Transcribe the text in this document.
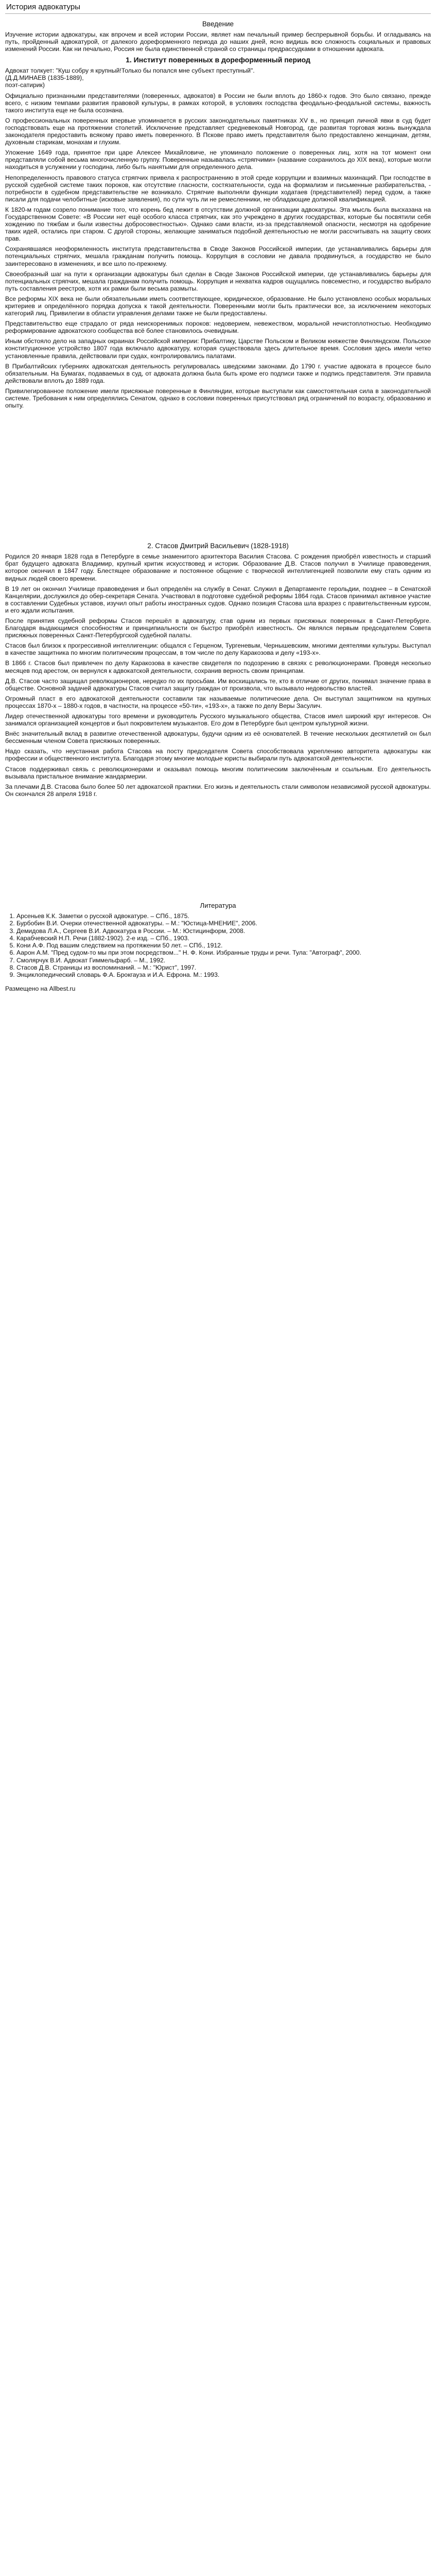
История адвокатуры
Введение

Изучение истории адвокатуры, как впрочем и всей истории России, являет нам печальный пример беспрерывной борьбы. И огладываясь на путь, пройденный адвокатурой, от далекого дореформенного периода до наших дней, ясно видишь всю сложность социальных и правовых изменений России. Как ни печально, Россия не была единственной страной со страницы предрассудками в отношении адвоката.

1. Институт поверенных в дореформенный период
Адвокат толкует: "Куш собру я крупный!Только бы попался мне субъект преступный".
(Д.Д.МИНАЕВ (1835-1889),
поэт-сатирик)

Официально признанными представителями (поверенных, адвокатов) в России не были вплоть до 1860-х годов. Это было связано, прежде всего, с низким темпами развития правовой культуры, в рамках которой, в условиях господства феодально-феодальной системы, важность такого института еще не была осознана.

О профессиональных поверенных впервые упоминается в русских законодательных памятниках XV в., но принцип личной явки в суд будет господствовать еще на протяжении столетий. Исключение представляет средневековый Новгород, где развитая торговая жизнь вынуждала законодателя предоставить всякому право иметь поверенного. В Пскове право иметь представителя было предоставлено женщинам, детям, духовным старикам, монахам и глухим.

Уложение 1649 года, принятое при царе Алексее Михайловиче, не упоминало положение о поверенных лиц, хотя на тот момент они представляли собой весьма многочисленную группу. Поверенные называлась «стряпчими» (название сохранилось до XIX века), которые могли находиться в услужении у господина, либо быть нанятыми для определенного дела.

Непопределенность правового статуса стряпчих привела к распространению в этой среде коррупции и взаимных махинаций. При господстве в русской судебной системе таких пороков, как отсутствие гласности, состязательности, суда на формализм и письменные разбирательства, - потребности в судебном представительстве не возникало. Стряпчие выполняли функции ходатаев (представителей) перед судом, а также писали для подачи челобитные (исковые заявления), по сути чуть ли не ремесленники, не обладающие должной квалификацией.

К 1820-м годам созрело понимание того, что корень бед лежит в отсутствии должной организации адвокатуры. Эта мысль была высказана на Государственном Совете: «В России нет ещё особого класса стряпчих, как это учреждено в других государствах, которые бы посвятили себя хождению по тяжбам и были известны добросовестностью». Однако сами власти, из-за представляемой опасности, несмотря на одобрение таких идей, остались при старом. С другой стороны, желающие заниматься подобной деятельностью не могли рассчитывать на защиту своих прав.

Сохранявшаяся неоформленность института представительства в Своде Законов Российской империи, где устанавливались барьеры для потенциальных стряпчих, мешала гражданам получить помощь. Коррупция в сословии не давала продвинуться, а государство не было заинтересовано в изменениях, и все шло по-прежнему.

Своеобразный шаг на пути к организации адвокатуры был сделан в Своде Законов Российской империи, где устанавливались барьеры для потенциальных стряпчих, мешала гражданам получить помощь. Коррупция и нехватка кадров ощущались повсеместно, и государство выбрало путь составления реестров, хотя их рамки были весьма размыты.

Все реформы XIX века не были обязательными иметь соответствующее, юридическое, образование. Не было установлено особых моральных критериев и определённого порядка допуска к такой деятельности. Поверенными могли быть практически все, за исключением некоторых категорий лиц. Привилегии в области управления делами также не были предоставлены.

Представительство еще страдало от ряда неискоренимых пороков: недоверием, невежеством, моральной нечистоплотностью. Необходимо реформирование адвокатского сообщества всё более становилось очевидным.

Иным обстояло дело на западных окраинах Российской империи: Прибалтику, Царстве Польском и Великом княжестве Финляндском. Польское конституционное устройство 1807 года включало адвокатуру, которая существовала здесь длительное время. Сословия здесь имели четко установленные правила, действовали при судах, контролировались палатами.

В Прибалтийских губерниях адвокатская деятельность регулировалась шведскими законами. До 1790 г. участие адвоката в процессе было обязательным. На Бумагах, подаваемых в суд, от адвоката должна была быть кроме его подписи также и подпись представителя. Эти правила действовали вплоть до 1889 года.

Привилегированное положение имели присяжные поверенные в Финляндии, которые выступали как самостоятельная сила в законодательной системе. Требования к ним определялись Сенатом, однако в сословии поверенных присутствовал ряд ограничений по возрасту, образованию и опыту.

2. Стасов Дмитрий Васильевич (1828-1918)

Родился 20 января 1828 года в Петербурге в семье знаменитого архитектора Василия Стасова. С рождения приобрёл известность и старший брат будущего адвоката Владимир, крупный критик искусствовед и историк. Образование Д.В. Стасов получил в Училище правоведения, которое окончил в 1847 году. Блестящее образование и постоянное общение с творческой интеллигенцией позволили ему стать одним из видных людей своего времени.

В 19 лет он окончил Училище правоведения и был определён на службу в Сенат. Служил в Департаменте герольдии, позднее – в Сенатской Канцелярии, дослужился до обер-секретаря Сената. Участвовал в подготовке судебной реформы 1864 года. Стасов принимал активное участие в составлении Судебных уставов, изучил опыт работы иностранных судов. Однако позиция Стасова шла вразрез с правительственным курсом, и его ждали испытания.

После принятия судебной реформы Стасов перешёл в адвокатуру, став одним из первых присяжных поверенных в Санкт-Петербурге. Благодаря выдающимся способностям и принципиальности он быстро приобрёл известность. Он являлся первым председателем Совета присяжных поверенных Санкт-Петербургской судебной палаты.

Стасов был близок к прогрессивной интеллигенции: общался с Герценом, Тургеневым, Чернышевским, многими деятелями культуры. Выступал в качестве защитника по многим политическим процессам, в том числе по делу Каракозова и делу «193-х».

В 1866 г. Стасов был привлечен по делу Каракозова в качестве свидетеля по подозрению в связях с революционерами. Проведя несколько месяцев под арестом, он вернулся к адвокатской деятельности, сохранив верность своим принципам.

Д.В. Стасов часто защищал революционеров, нередко по их просьбам. Им восхищались те, кто в отличие от других, понимал значение права в обществе. Основной задачей адвокатуры Стасов считал защиту граждан от произвола, что вызывало недовольство властей.

Огромный пласт в его адвокатской деятельности составили так называемые политические дела. Он выступал защитником на крупных процессах 1870-х – 1880-х годов, в частности, на процессе «50-ти», «193-х», а также по делу Веры Засулич.

Лидер отечественной адвокатуры того времени и руководитель Русского музыкального общества, Стасов имел широкий круг интересов. Он занимался организацией концертов и был покровителем музыкантов. Его дом в Петербурге был центром культурной жизни.

Внёс значительный вклад в развитие отечественной адвокатуры, будучи одним из её основателей. В течение нескольких десятилетий он был бессменным членом Совета присяжных поверенных.

Надо сказать, что неустанная работа Стасова на посту председателя Совета способствовала укреплению авторитета адвокатуры как профессии и общественного института. Благодаря этому многие молодые юристы выбирали путь адвокатской деятельности.

Стасов поддерживал связь с революционерами и оказывал помощь многим политическим заключённым и ссыльным. Его деятельность вызывала пристальное внимание жандармерии.

За плечами Д.В. Стасова было более 50 лет адвокатской практики. Его жизнь и деятельность стали символом независимой русской адвокатуры. Он скончался 28 апреля 1918 г.

Литература
1. Арсеньев К.К. Заметки о русской адвокатуре. – СПб., 1875.
2. Бурбобин В.И. Очерки отечественной адвокатуры. – М.: "Юстица-МНЕНИЕ", 2006.
3. Демидова Л.А., Сергеев В.И. Адвокатура в России. – М.: Юстицинформ, 2008.
4. Карабчевский Н.П. Речи (1882-1902). 2-е изд. – СПб., 1903.
5. Кони А.Ф. Под вашим следствием на протяжении 50 лет. – СПб., 1912.
6. Аарон А.М. "Пред судом-то мы при этом посредством..." Н. Ф. Кони. Избранные труды и речи. Тула: "Автограф", 2000.
7. Смолярчук В.И. Адвокат Гиммельфарб. – М., 1992.
8. Стасов Д.В. Страницы из воспоминаний. – М.: "Юрист", 1997.
9. Энциклопедический словарь Ф.А. Брокгауза и И.А. Ефрона. М.: 1993.
Размещено на Allbest.ru
